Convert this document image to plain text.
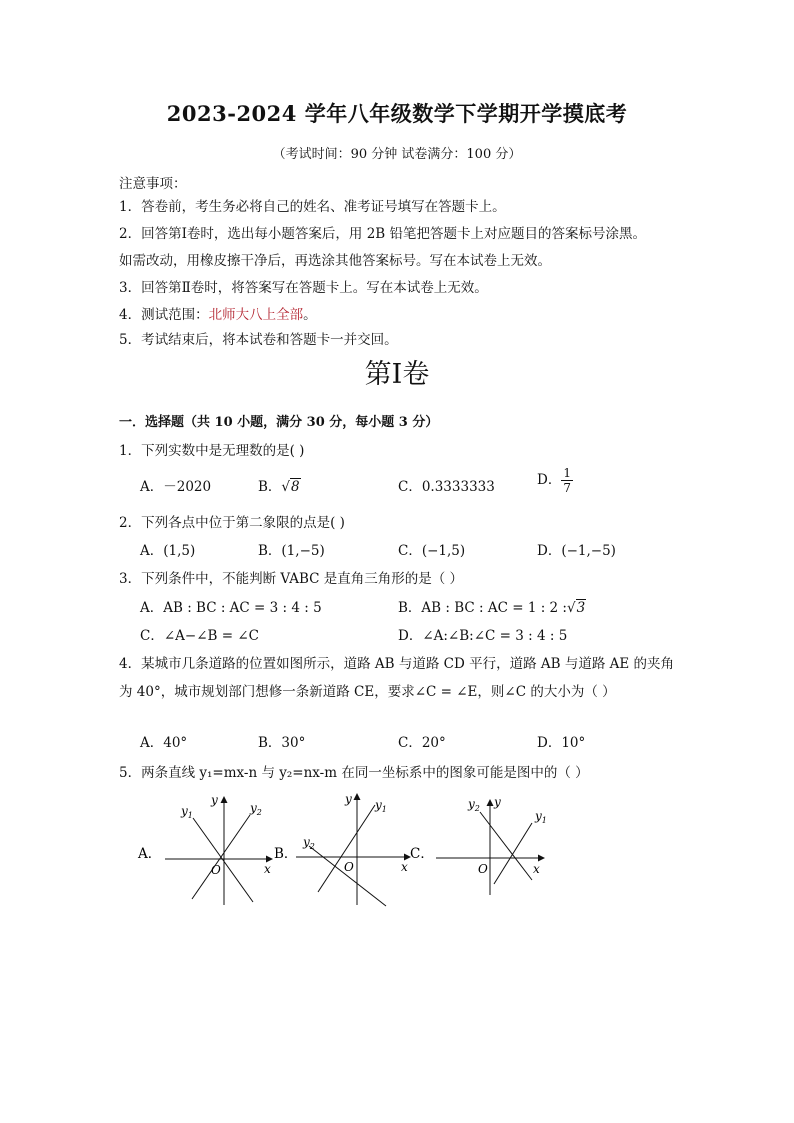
2023-2024 学年八年级数学下学期开学摸底考
（考试时间：90 分钟 试卷满分：100 分）
注意事项：
1．答卷前，考生务必将自己的姓名、准考证号填写在答题卡上。
2．回答第Ⅰ卷时，选出每小题答案后，用 2B 铅笔把答题卡上对应题目的答案标号涂黑。
如需改动，用橡皮擦干净后，再选涂其他答案标号。写在本试卷上无效。
3．回答第Ⅱ卷时，将答案写在答题卡上。写在本试卷上无效。
4．测试范围：北师大八上全部。
5．考试结束后，将本试卷和答题卡一并交回。
第Ⅰ卷
一．选择题（共 10 小题，满分 30 分，每小题 3 分）
1．下列实数中是无理数的是( )
A．－2020	B．√8	C．0.3333333	D． $\frac{1}{7}$
2．下列各点中位于第二象限的点是( )
A．(1,5)	B．(1,−5)	C．(−1,5)	D．(−1,−5)
3．下列条件中，不能判断 VABC 是直角三角形的是（ ）
A．AB : BC : AC = 3 : 4 : 5	B．AB : BC : AC = 1 : 2 :√3
C．∠A−∠B = ∠C	D．∠A:∠B:∠C = 3 : 4 : 5
4．某城市几条道路的位置如图所示，道路 AB 与道路 CD 平行，道路 AB 与道路 AE 的夹角
为 40°，城市规划部门想修一条新道路 CE，要求∠C = ∠E，则∠C 的大小为（ ）
A．40°	B．30°	C．20°	D．10°
5．两条直线 y₁=mx-n 与 y₂=nx-m 在同一坐标系中的图象可能是图中的（ ）
A．
O	x
y
$y_1$
$y_2$
B．
O	x
y $y_1$
$y_2$	C．
O	x
y
$y_2$
$y_1$
